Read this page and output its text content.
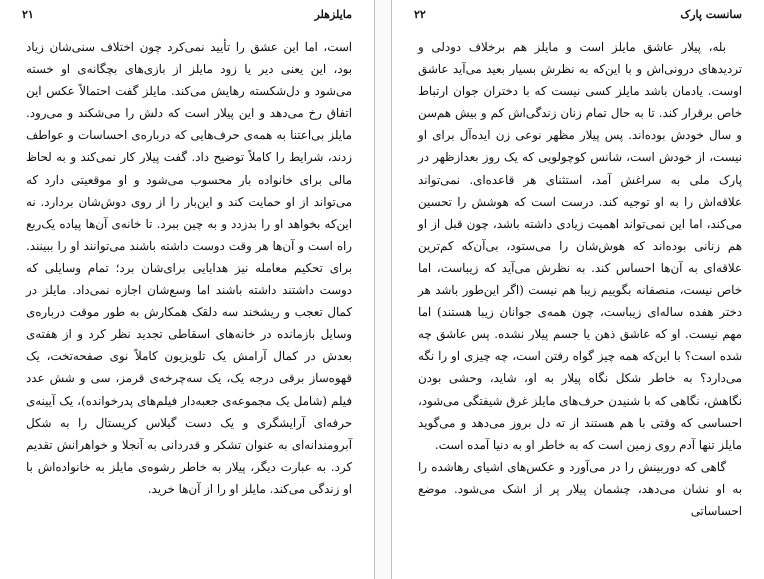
مایلزهلر
۲۱

است، اما این عشق را تأیید نمی‌کرد چون اختلاف سنی‌شان زیاد بود، این یعنی دیر یا زود مایلز از بازی‌های بچگانه‌ی او خسته می‌شود و دل‌شکسته رهایش می‌کند. مایلز گفت احتمالاً عکس این اتفاق رخ می‌دهد و این پیلار است که دلش را می‌شکند و می‌رود. مایلز بی‌اعتنا به همه‌ی حرف‌هایی که درباره‌ی احساسات و عواطف زدند، شرایط را کاملاً توضیح داد. گفت پیلار کار نمی‌کند و به لحاظ مالی برای خانواده بار محسوب می‌شود و او موقعیتی دارد که می‌تواند از او حمایت کند و این‌بار را از روی دوش‌شان بردارد. نه این‌که بخواهد او را بدزدد و به چین ببرد. تا خانه‌ی آن‌ها پیاده یک‌ربع راه است و آن‌ها هر وقت دوست داشته باشند می‌توانند او را ببینند. برای تحکیم معامله نیز هدایایی برای‌شان برد؛ تمام وسایلی که دوست داشتند داشته باشند اما وسع‌شان اجازه نمی‌داد. مایلز در کمال تعجب و ریشخند سه دلقک همکارش به طور موقت درباره‌ی وسایل بازمانده در خانه‌های اسقاطی تجدید نظر کرد و از هفته‌ی بعدش در کمال آرامش یک تلویزیون کاملاً نوی صفحه‌تخت، یک قهوه‌ساز برقی درجه یک، یک سه‌چرخه‌ی قرمز، سی و شش عدد فیلم (شامل یک مجموعه‌ی جعبه‌دار فیلم‌های پدرخوانده)، یک آیینه‌ی حرفه‌ای آرایشگری و یک دست گیلاس کریستال را به شکل آبرومندانه‌ای به عنوان تشکر و قدردانی به آنجلا و خواهرانش تقدیم کرد. به عبارت دیگر، پیلار به خاطر رشوه‌ی مایلز به خانواده‌اش با او زندگی می‌کند. مایلز او را از آن‌ها خرید.

۲۲	سانست پارک

بله، پیلار عاشق مایلز است و مایلز هم برخلاف دودلی و تردیدهای درونی‌اش و با این‌که به نظرش بسیار بعید می‌آید عاشق اوست. یادمان باشد مایلز کسی نیست که با دختران جوان ارتباط خاص برقرار کند. تا به حال تمام زنان زندگی‌اش کم و بیش هم‌سن و سال خودش بوده‌اند. پس پیلار مظهر نوعی زن ایده‌آل برای او نیست، از خودش است، شانس کوچولویی که یک روز بعدازظهر در پارک ملی به سراغش آمد، استثنای هر قاعده‌ای. نمی‌تواند علاقه‌اش را به او توجیه کند. درست است که هوشش را تحسین می‌کند، اما این نمی‌تواند اهمیت زیادی داشته باشد، چون قبل از او هم زنانی بوده‌اند که هوش‌شان را می‌ستود، بی‌آن‌که کم‌ترین علاقه‌ای به آن‌ها احساس کند. به نظرش می‌آید که زیباست، اما خاص نیست، منصفانه بگوییم زیبا هم نیست (اگر این‌طور باشد هر دختر هفده ساله‌ای زیباست، چون همه‌ی جوانان زیبا هستند) اما مهم نیست. او که عاشق ذهن یا جسم پیلار نشده. پس عاشق چه شده است؟ با این‌که همه چیز گواه رفتن است، چه چیزی او را نگه می‌دارد؟ به خاطر شکل نگاه پیلار به او، شاید، وحشی بودن نگاهش، نگاهی که با شنیدن حرف‌های مایلز غرق شیفتگی می‌شود، احساسی که وقتی با هم هستند از ته دل بروز می‌دهد و می‌گوید مایلز تنها آدم روی زمین است که به خاطر او به دنیا آمده است.

گاهی که دوربینش را در می‌آورد و عکس‌های اشیای رهاشده را به او نشان می‌دهد، چشمان پیلار پر از اشک می‌شود. موضع احساساتی
